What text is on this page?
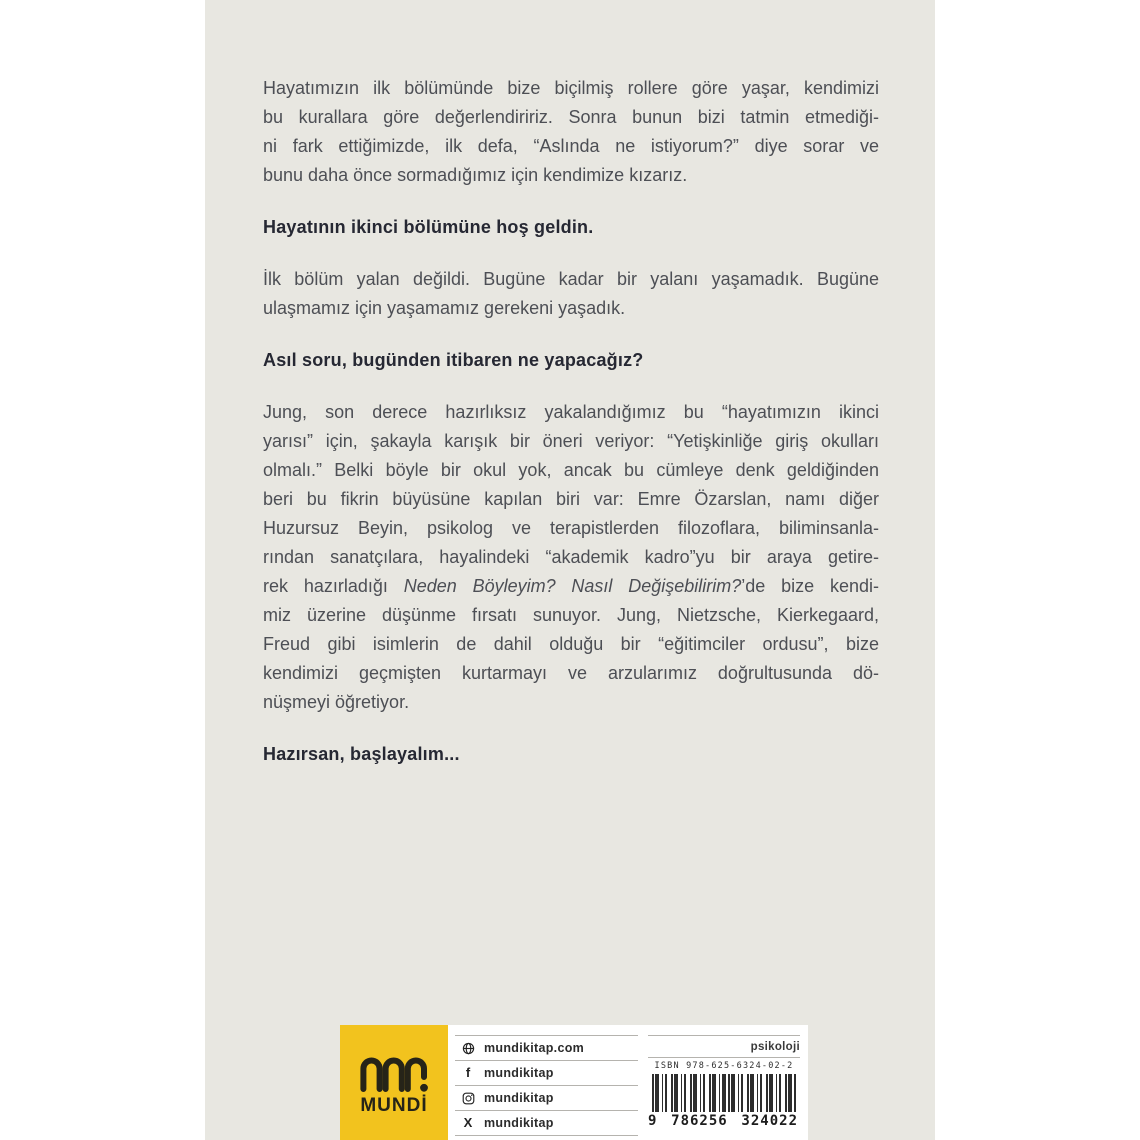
Hayatımızın ilk bölümünde bize biçilmiş rollere göre yaşar, kendimizi
bu kurallara göre değerlendiririz. Sonra bunun bizi tatmin etmediği-
ni fark ettiğimizde, ilk defa, “Aslında ne istiyorum?” diye sorar ve
bunu daha önce sormadığımız için kendimize kızarız.
Hayatının ikinci bölümüne hoş geldin.
İlk bölüm yalan değildi. Bugüne kadar bir yalanı yaşamadık. Bugüne
ulaşmamız için yaşamamız gerekeni yaşadık.
Asıl soru, bugünden itibaren ne yapacağız?
Jung, son derece hazırlıksız yakalandığımız bu “hayatımızın ikinci
yarısı” için, şakayla karışık bir öneri veriyor: “Yetişkinliğe giriş okulları
olmalı.” Belki böyle bir okul yok, ancak bu cümleye denk geldiğinden
beri bu fikrin büyüsüne kapılan biri var: Emre Özarslan, namı diğer
Huzursuz Beyin, psikolog ve terapistlerden filozoflara, biliminsanla-
rından sanatçılara, hayalindeki “akademik kadro”yu bir araya getire-
rek hazırladığı Neden Böyleyim? Nasıl Değişebilirim?’de bize kendi-
miz üzerine düşünme fırsatı sunuyor. Jung, Nietzsche, Kierkegaard,
Freud gibi isimlerin de dahil olduğu bir “eğitimciler ordusu”, bize
kendimizi geçmişten kurtarmayı ve arzularımız doğrultusunda dö-
nüşmeyi öğretiyor.
Hazırsan, başlayalım...
MUNDİ
mundikitap.com
f	mundikitap
mundikitap
X mundikitap
psikoloji
ISBN 978-625-6324-02-2
9 786256 324022
